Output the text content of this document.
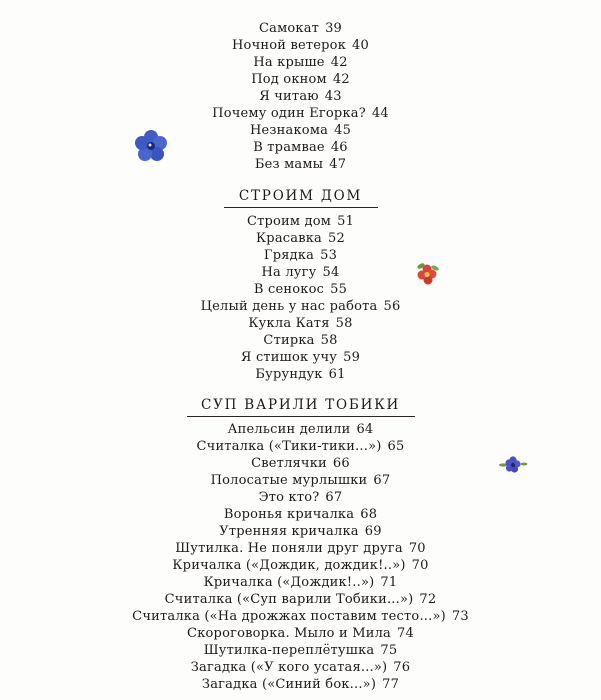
Самокат 39
Ночной ветерок 40
На крыше 42
Под окном 42
Я читаю 43
Почему один Егорка? 44
Незнакома 45
В трамвае 46
Без мамы 47
СТРОИМ ДОМ
Строим дом 51
Красавка 52
Грядка 53
На лугу 54
В сенокос 55
Целый день у нас работа 56
Кукла Катя 58
Стирка 58
Я стишок учу 59
Бурундук 61
СУП ВАРИЛИ ТОБИКИ
Апельсин делили 64
Считалка («Тики-тики...») 65
Светлячки 66
Полосатые мурлышки 67
Это кто? 67
Воронья кричалка 68
Утренняя кричалка 69
Шутилка. Не поняли друг друга 70
Кричалка («Дождик, дождик!..») 70
Кричалка («Дождик!..») 71
Считалка («Суп варили Тобики...») 72
Считалка («На дрожжах поставим тесто...») 73
Скороговорка. Мыло и Мила 74
Шутилка-переплётушка 75
Загадка («У кого усатая...») 76
Загадка («Синий бок...») 77
